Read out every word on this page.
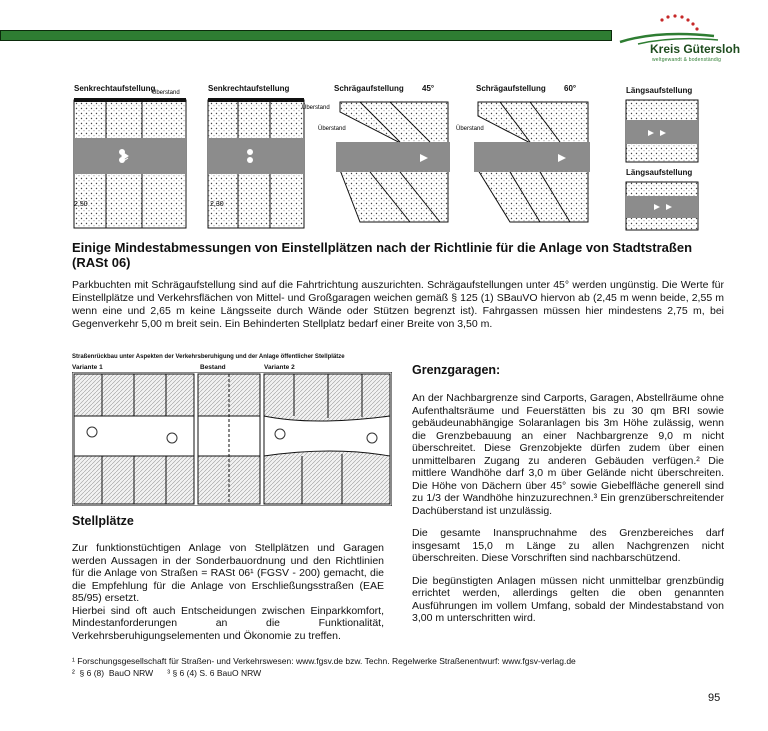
Kreis Gütersloh
weltgewandt & bodenständig
2,50
Überstand
2,30
Überstand
Überstand	Überstand
Senkrechtaufstellung	Senkrechtaufstellung	Schrägaufstellung 45°	Schrägaufstellung 60°	Längsaufstellung
Längsaufstellung
Einige Mindestabmessungen von Einstellplätzen nach der Richtlinie für die Anlage von Stadtstraßen (RASt 06)
Parkbuchten mit Schrägaufstellung sind auf die Fahrtrichtung auszurichten. Schrägaufstellungen unter 45° werden ungünstig. Die Werte für Einstellplätze und Verkehrsflächen von Mittel- und Großgaragen weichen gemäß § 125 (1) SBauVO hiervon ab (2,45 m wenn beide, 2,55 m wenn eine und 2,65 m keine Längsseite durch Wände oder Stützen begrenzt ist). Fahrgassen müssen hier mindestens 2,75 m, bei Gegenverkehr 5,00 m breit sein. Ein Behinderten Stellplatz bedarf einer Breite von 3,50 m.
Straßenrückbau unter Aspekten der Verkehrsberuhigung und der Anlage öffentlicher Stellplätze
Variante 1	Bestand	Variante 2
Stellplätze

Zur funktionstüchtigen Anlage von Stellplätzen und Garagen werden Aussagen in der Sonderbauordnung und den Richtlinien für die Anlage von Straßen = RASt 06¹ (FGSV - 200) gemacht, die die Empfehlung für die Anlage von Erschließungsstraßen (EAE 85/95) ersetzt.

Hierbei sind oft auch Entscheidungen zwischen Einparkkomfort, Mindestanforderungen an die Funktionalität, Verkehrsberuhigungselementen und Ökonomie zu treffen.

Grenzgaragen:

An der Nachbargrenze sind Carports, Garagen, Abstellräume ohne Aufenthaltsräume und Feuerstätten bis zu 30 qm BRI sowie gebäudeunabhängige Solaranlagen bis 3m Höhe zulässig, wenn die Grenzbebauung an einer Nachbargrenze 9,0 m nicht überschreitet. Diese Grenzobjekte dürfen zudem über einen unmittelbaren Zugang zu anderen Gebäuden verfügen.² Die mittlere Wandhöhe darf 3,0 m über Gelände nicht überschreiten. Die Höhe von Dächern über 45° sowie Giebelfläche generell sind zu 1/3 der Wandhöhe hinzuzurechnen.³ Ein grenzüberschreitender Dachüberstand ist unzulässig.

Die gesamte Inanspruchnahme des Grenzbereiches darf insgesamt 15,0 m Länge zu allen Nachgrenzen nicht überschreiten. Diese Vorschriften sind nachbarschützend.

Die begünstigten Anlagen müssen nicht unmittelbar grenzbündig errichtet werden, allerdings gelten die oben genannten Ausführungen im vollem Umfang, sobald der Mindestabstand von 3,00 m unterschritten wird.

¹ Forschungsgesellschaft für Straßen- und Verkehrswesen: www.fgsv.de bzw. Techn. Regelwerke Straßenentwurf: www.fgsv-verlag.de
²  § 6 (8)  BauO NRW      ³ § 6 (4) S. 6 BauO NRW
95
